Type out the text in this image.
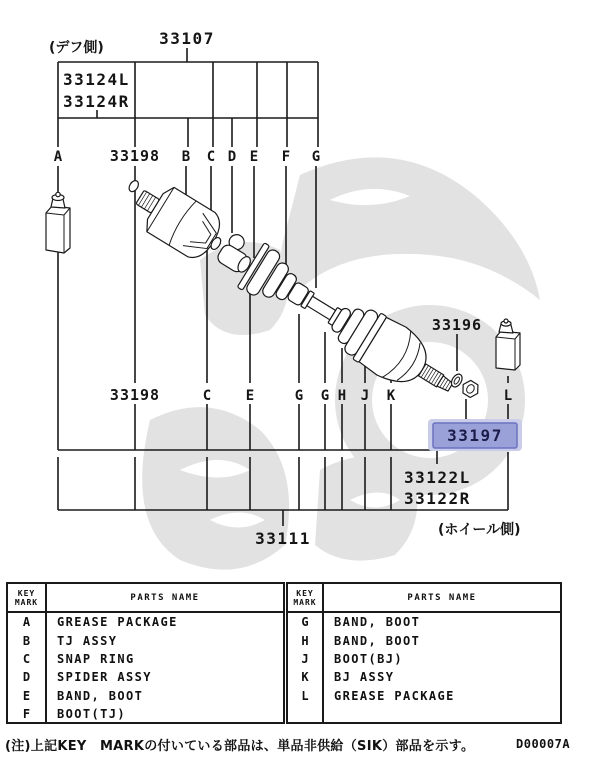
(デフ側)	33107
33124L
33124R
33198
A	B C D E F G
33196
33198	C E	G G H J K	L
33197
33122L
33122R
33111	(ホイール側)
KEY
MARK	PARTS NAME
A	GREASE PACKAGE
B	TJ ASSY
C	SNAP RING
D	SPIDER ASSY
E	BAND, BOOT
F	BOOT(TJ)
KEY
MARK	PARTS NAME
G	BAND, BOOT
H	BAND, BOOT
J	BOOT(BJ)
K	BJ ASSY
L	GREASE PACKAGE
(注)上記KEY　MARKの付いている部品は、単品非供給（SIK）部品を示す。	D00007A
